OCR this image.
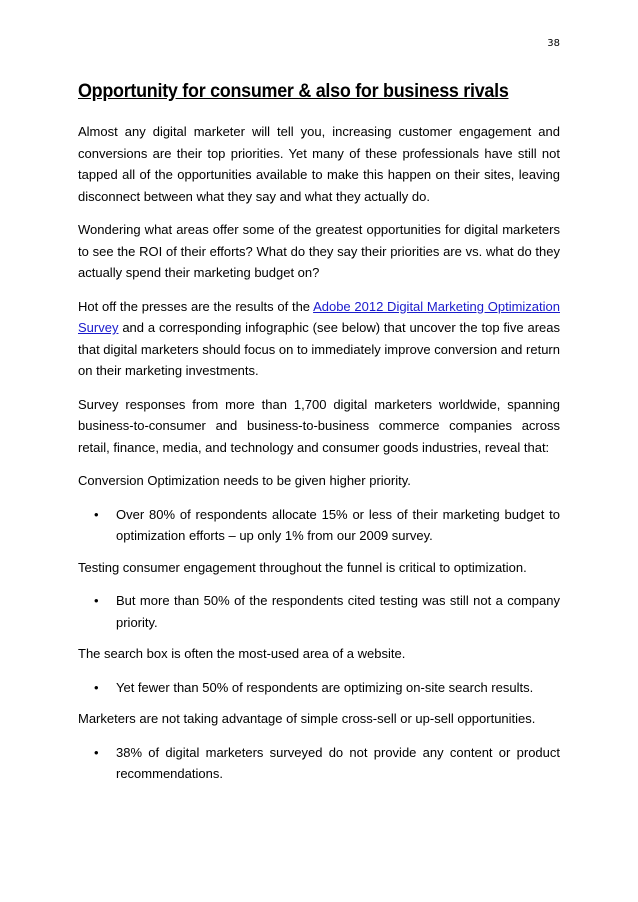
38
Opportunity for consumer & also for business rivals

Almost any digital marketer will tell you, increasing customer engagement and conversions are their top priorities. Yet many of these professionals have still not tapped all of the opportunities available to make this happen on their sites, leaving disconnect between what they say and what they actually do.

Wondering what areas offer some of the greatest opportunities for digital marketers to see the ROI of their efforts? What do they say their priorities are vs. what do they actually spend their marketing budget on?

Hot off the presses are the results of the Adobe 2012 Digital Marketing Optimization Survey and a corresponding infographic (see below) that uncover the top five areas that digital marketers should focus on to immediately improve conversion and return on their marketing investments.

Survey responses from more than 1,700 digital marketers worldwide, spanning business-to-consumer and business-to-business commerce companies across retail, finance, media, and technology and consumer goods industries, reveal that:

Conversion Optimization needs to be given higher priority.

• Over 80% of respondents allocate 15% or less of their marketing budget to optimization efforts – up only 1% from our 2009 survey.

Testing consumer engagement throughout the funnel is critical to optimization.

• But more than 50% of the respondents cited testing was still not a company priority.

The search box is often the most-used area of a website.

• Yet fewer than 50% of respondents are optimizing on-site search results.

Marketers are not taking advantage of simple cross-sell or up-sell opportunities.

• 38% of digital marketers surveyed do not provide any content or product recommendations.
